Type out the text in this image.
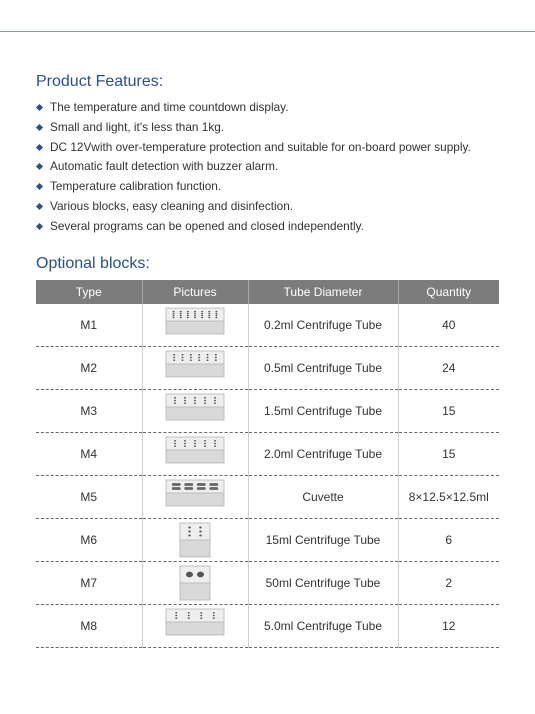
Product Features:
The temperature and time countdown display.
Small and light, it's less than 1kg.
DC 12Vwith over-temperature protection and suitable for on-board power supply.
Automatic fault detection with buzzer alarm.
Temperature calibration function.
Various blocks, easy cleaning and disinfection.
Several programs can be opened and closed independently.
Optional blocks:
Type	Pictures	Tube Diameter	Quantity
M1		0.2ml Centrifuge Tube	40
M2		0.5ml Centrifuge Tube	24
M3		1.5ml Centrifuge Tube	15
M4		2.0ml Centrifuge Tube	15
M5		Cuvette	8×12.5×12.5ml
M6		15ml Centrifuge Tube	6
M7		50ml Centrifuge Tube	2
M8		5.0ml Centrifuge Tube	12
